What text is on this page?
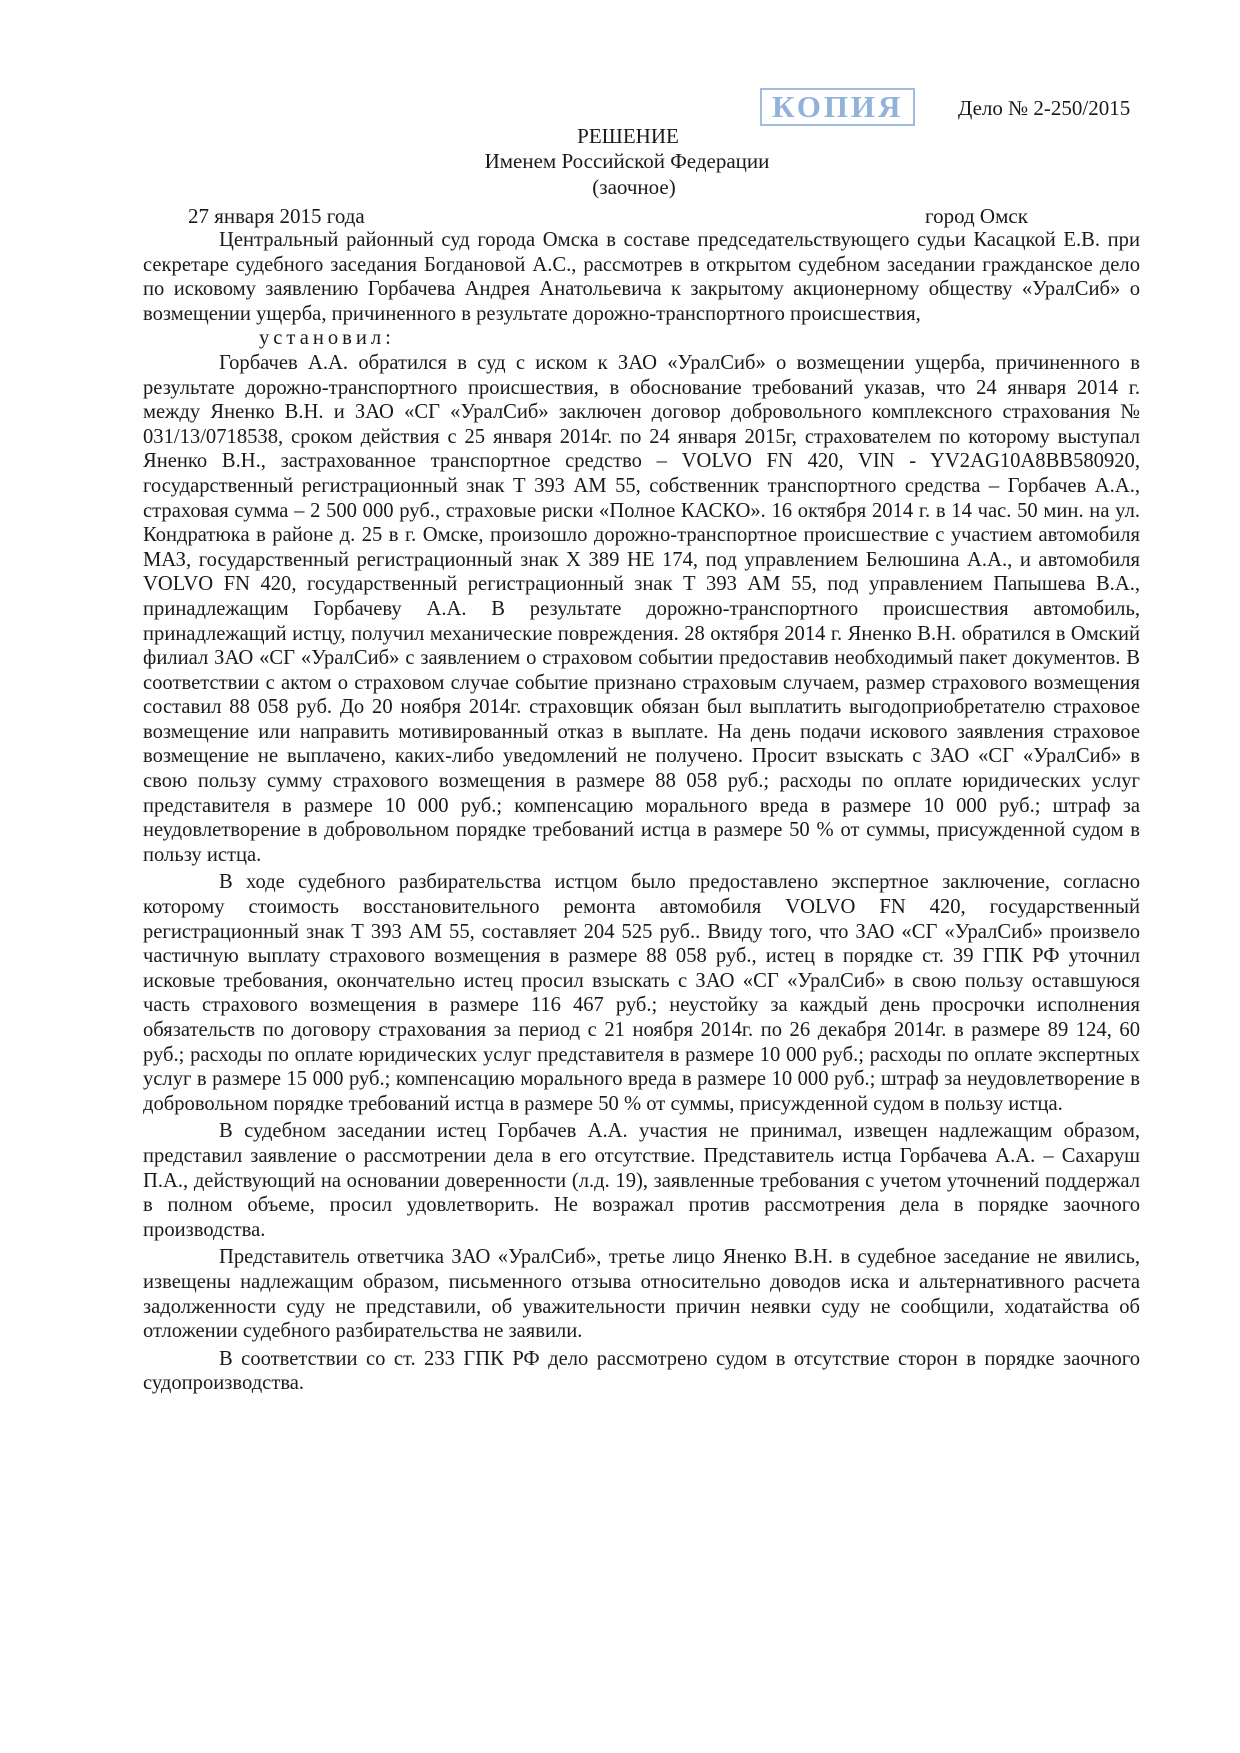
КОПИЯ	Дело № 2-250/2015
РЕШЕНИЕ
Именем Российской Федерации
(заочное)
27 января 2015 года	город Омск

Центральный районный суд города Омска в составе председательствующего судьи Касацкой Е.В. при секретаре судебного заседания Богдановой А.С., рассмотрев в открытом судебном заседании гражданское дело по исковому заявлению Горбачева Андрея Анатольевича к закрытому акционерному обществу «УралСиб» о возмещении ущерба, причиненного в результате дорожно-транспортного происшествия,

установил:

Горбачев А.А. обратился в суд с иском к ЗАО «УралСиб» о возмещении ущерба, причиненного в результате дорожно-транспортного происшествия, в обоснование требований указав, что 24 января 2014 г. между Яненко В.Н. и ЗАО «СГ «УралСиб» заключен договор добровольного комплексного страхования № 031/13/0718538, сроком действия с 25 января 2014г. по 24 января 2015г, страхователем по которому выступал Яненко В.Н., застрахованное транспортное средство – VOLVO FN 420, VIN - YV2AG10A8BB580920, государственный регистрационный знак Т 393 АМ 55, собственник транспортного средства – Горбачев А.А., страховая сумма – 2 500 000 руб., страховые риски «Полное КАСКО». 16 октября 2014 г. в 14 час. 50 мин. на ул. Кондратюка в районе д. 25 в г. Омске, произошло дорожно-транспортное происшествие с участием автомобиля МАЗ, государственный регистрационный знак Х 389 НЕ 174, под управлением Белюшина А.А., и автомобиля VOLVO FN 420, государственный регистрационный знак Т 393 АМ 55, под управлением Папышева В.А., принадлежащим Горбачеву А.А. В результате дорожно-транспортного происшествия автомобиль, принадлежащий истцу, получил механические повреждения. 28 октября 2014 г. Яненко В.Н. обратился в Омский филиал ЗАО «СГ «УралСиб» с заявлением о страховом событии предоставив необходимый пакет документов. В соответствии с актом о страховом случае событие признано страховым случаем, размер страхового возмещения составил 88 058 руб. До 20 ноября 2014г. страховщик обязан был выплатить выгодоприобретателю страховое возмещение или направить мотивированный отказ в выплате. На день подачи искового заявления страховое возмещение не выплачено, каких-либо уведомлений не получено. Просит взыскать с ЗАО «СГ «УралСиб» в свою пользу сумму страхового возмещения в размере 88 058 руб.; расходы по оплате юридических услуг представителя в размере 10 000 руб.; компенсацию морального вреда в размере 10 000 руб.; штраф за неудовлетворение в добровольном порядке требований истца в размере 50 % от суммы, присужденной судом в пользу истца.

В ходе судебного разбирательства истцом было предоставлено экспертное заключение, согласно которому стоимость восстановительного ремонта автомобиля VOLVO FN 420, государственный регистрационный знак Т 393 АМ 55, составляет 204 525 руб.. Ввиду того, что ЗАО «СГ «УралСиб» произвело частичную выплату страхового возмещения в размере 88 058 руб., истец в порядке ст. 39 ГПК РФ уточнил исковые требования, окончательно истец просил взыскать с ЗАО «СГ «УралСиб» в свою пользу оставшуюся часть страхового возмещения в размере 116 467 руб.; неустойку за каждый день просрочки исполнения обязательств по договору страхования за период с 21 ноября 2014г. по 26 декабря 2014г. в размере 89 124, 60 руб.; расходы по оплате юридических услуг представителя в размере 10 000 руб.; расходы по оплате экспертных услуг в размере 15 000 руб.; компенсацию морального вреда в размере 10 000 руб.; штраф за неудовлетворение в добровольном порядке требований истца в размере 50 % от суммы, присужденной судом в пользу истца.

В судебном заседании истец Горбачев А.А. участия не принимал, извещен надлежащим образом, представил заявление о рассмотрении дела в его отсутствие. Представитель истца Горбачева А.А. – Сахаруш П.А., действующий на основании доверенности (л.д. 19), заявленные требования с учетом уточнений поддержал в полном объеме, просил удовлетворить. Не возражал против рассмотрения дела в порядке заочного производства.

Представитель ответчика ЗАО «УралСиб», третье лицо Яненко В.Н. в судебное заседание не явились, извещены надлежащим образом, письменного отзыва относительно доводов иска и альтернативного расчета задолженности суду не представили, об уважительности причин неявки суду не сообщили, ходатайства об отложении судебного разбирательства не заявили.

В соответствии со ст. 233 ГПК РФ дело рассмотрено судом в отсутствие сторон в порядке заочного судопроизводства.
